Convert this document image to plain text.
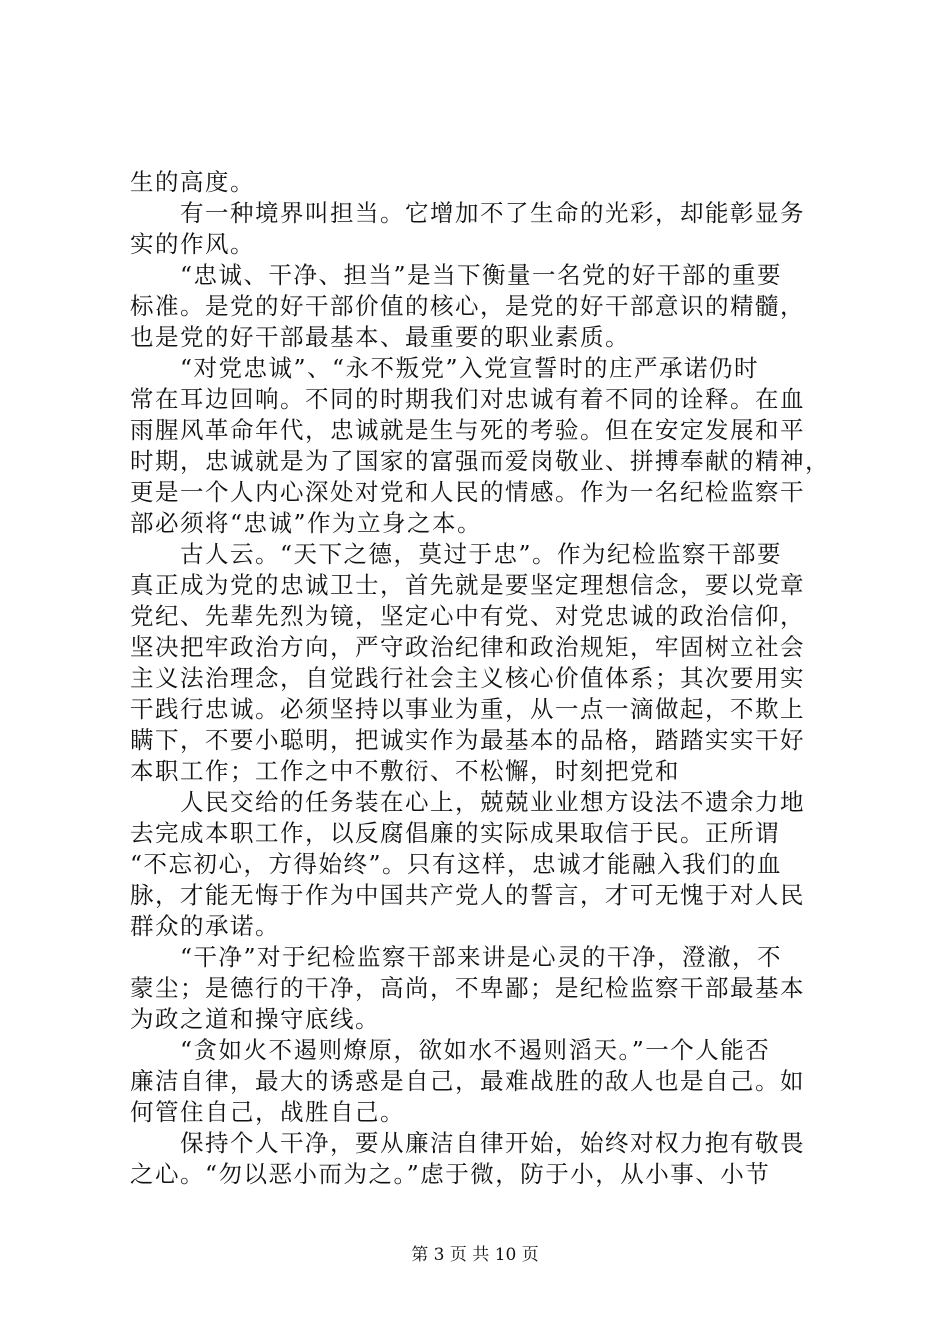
生的高度。
有一种境界叫担当。它增加不了生命的光彩，却能彰显务
实的作风。
“忠诚、干净、担当”是当下衡量一名党的好干部的重要
标准。是党的好干部价值的核心，是党的好干部意识的精髓，
也是党的好干部最基本、最重要的职业素质。
“对党忠诚”、“永不叛党”入党宣誓时的庄严承诺仍时
常在耳边回响。不同的时期我们对忠诚有着不同的诠释。在血
雨腥风革命年代，忠诚就是生与死的考验。但在安定发展和平
时期，忠诚就是为了国家的富强而爱岗敬业、拼搏奉献的精神，
更是一个人内心深处对党和人民的情感。作为一名纪检监察干
部必须将“忠诚”作为立身之本。
古人云。“天下之德，莫过于忠”。作为纪检监察干部要
真正成为党的忠诚卫士，首先就是要坚定理想信念，要以党章
党纪、先辈先烈为镜，坚定心中有党、对党忠诚的政治信仰，
坚决把牢政治方向，严守政治纪律和政治规矩，牢固树立社会
主义法治理念，自觉践行社会主义核心价值体系；其次要用实
干践行忠诚。必须坚持以事业为重，从一点一滴做起，不欺上
瞒下，不要小聪明，把诚实作为最基本的品格，踏踏实实干好
本职工作；工作之中不敷衍、不松懈，时刻把党和
人民交给的任务装在心上，兢兢业业想方设法不遗余力地
去完成本职工作，以反腐倡廉的实际成果取信于民。正所谓
“不忘初心，方得始终”。只有这样，忠诚才能融入我们的血
脉，才能无悔于作为中国共产党人的誓言，才可无愧于对人民
群众的承诺。
“干净”对于纪检监察干部来讲是心灵的干净，澄澈，不
蒙尘；是德行的干净，高尚，不卑鄙；是纪检监察干部最基本
为政之道和操守底线。
“贪如火不遏则燎原，欲如水不遏则滔天。”一个人能否
廉洁自律，最大的诱惑是自己，最难战胜的敌人也是自己。如
何管住自己，战胜自己。
保持个人干净，要从廉洁自律开始，始终对权力抱有敬畏
之心。“勿以恶小而为之。”虑于微，防于小，从小事、小节
第 3 页 共 10 页
